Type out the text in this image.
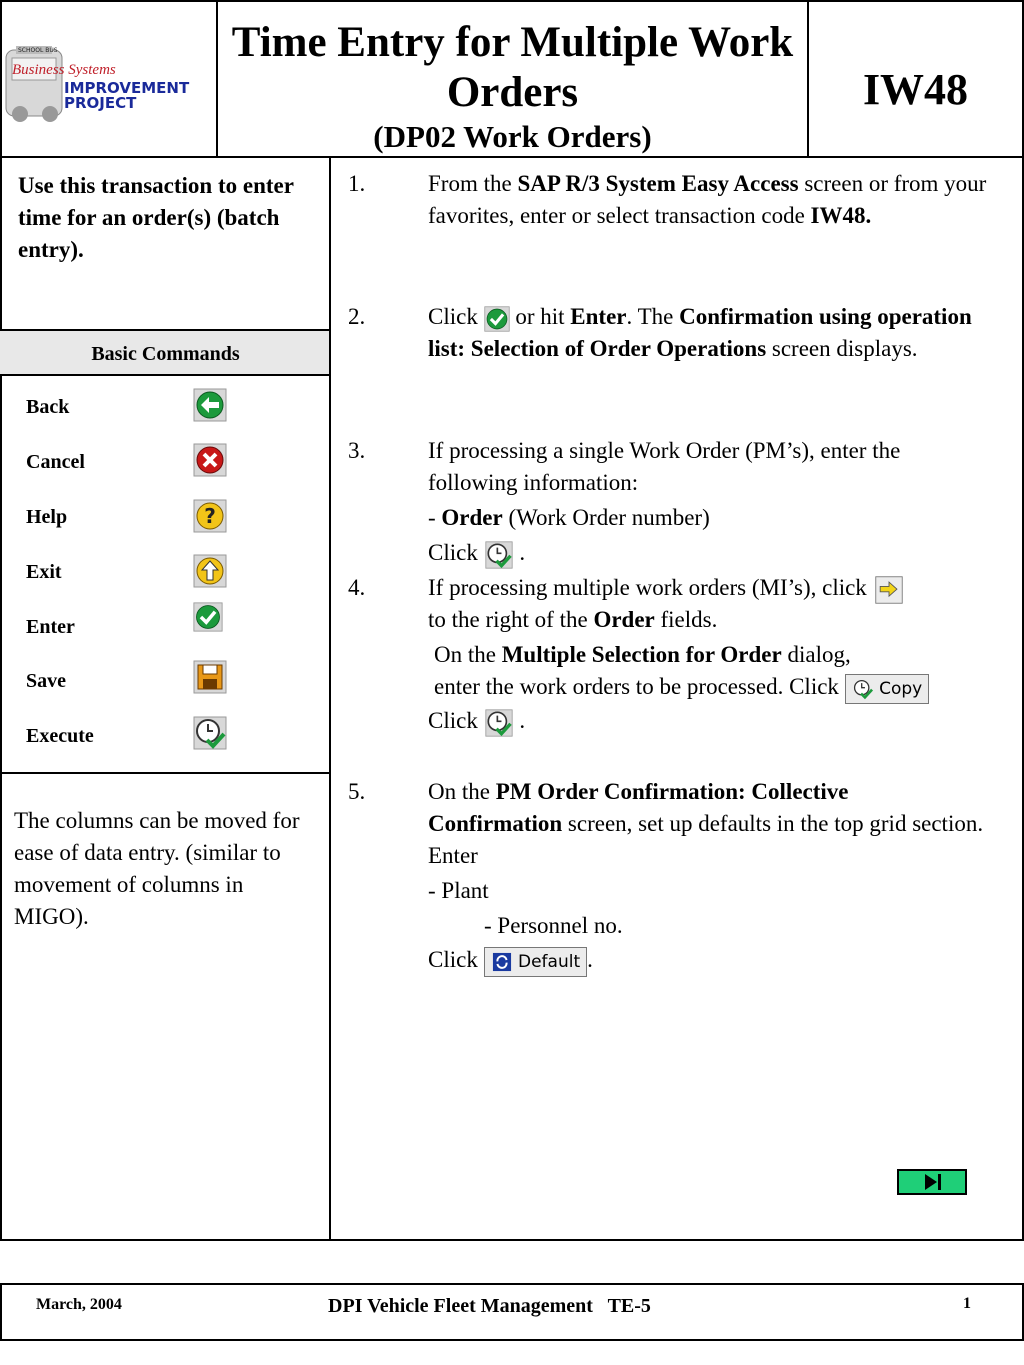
SCHOOL BUS
Business Systems
IMPROVEMENT
PROJECT
Time Entry for Multiple Work Orders
(DP02 Work Orders)
IW48
Use this transaction to enter time for an order(s) (batch entry).
Basic Commands
Back
Cancel
Help	?
Exit
Enter
Save
Execute
The columns can be moved for ease of data entry. (similar to movement of columns in MIGO).
1.	From the SAP R/3 System Easy Access screen or from your favorites, enter or select transaction code IW48.
2.	Click  or hit Enter. The Confirmation using operation list: Selection of Order Operations screen displays.
3.	If processing a single Work Order (PM’s), enter the following information:
- Order (Work Order number)
Click  .
4.	If processing multiple work orders (MI’s), click
to the right of the Order fields.
On the Multiple Selection for Order dialog,
enter the work orders to be processed. Click Copy
Click  .
5.	On the PM Order Confirmation: Collective Confirmation screen, set up defaults in the top grid section. Enter
- Plant
- Personnel no.
Click Default .
March, 2004	DPI Vehicle Fleet Management   TE-5	1
